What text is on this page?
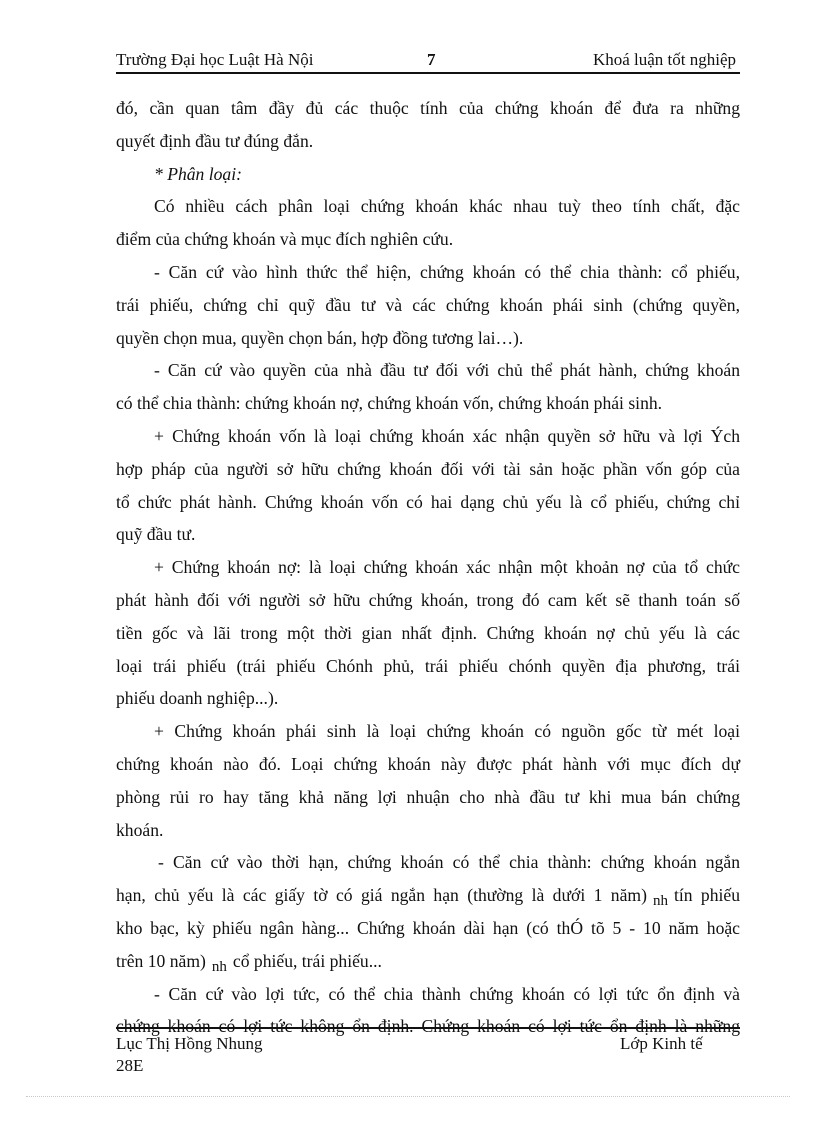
Trường Đại học Luật Hà Nội	7	Khoá luận tốt nghiệp
đó, cần quan tâm đầy đủ các thuộc tính của chứng khoán để đưa ra những
quyết định đầu tư đúng đắn.
* Phân loại:
Có nhiều cách phân loại chứng khoán khác nhau tuỳ theo tính chất, đặc
điểm của chứng khoán và mục đích nghiên cứu.
- Căn cứ vào hình thức thể hiện, chứng khoán có thể chia thành: cổ phiếu,
trái phiếu, chứng chỉ quỹ đầu tư và các chứng khoán phái sinh (chứng quyền,
quyền chọn mua, quyền chọn bán, hợp đồng tương lai…).
- Căn cứ vào quyền của nhà đầu tư đối với chủ thể phát hành, chứng khoán
có thể chia thành: chứng khoán nợ, chứng khoán vốn, chứng khoán phái sinh.
+ Chứng khoán vốn là loại chứng khoán xác nhận quyền sở hữu và lợi Ých
hợp pháp của người sở hữu chứng khoán đối với tài sản hoặc phần vốn góp của
tổ chức phát hành. Chứng khoán vốn có hai dạng chủ yếu là cổ phiếu, chứng chỉ
quỹ đầu tư.
+ Chứng khoán nợ: là loại chứng khoán xác nhận một khoản nợ của tổ chức
phát hành đối với người sở hữu chứng khoán, trong đó cam kết sẽ thanh toán số
tiền gốc và lãi trong một thời gian nhất định. Chứng khoán nợ chủ yếu là các
loại trái phiếu (trái phiếu Chónh phủ, trái phiếu chónh quyền địa phương, trái
phiếu doanh nghiệp...).
+ Chứng khoán phái sinh là loại chứng khoán có nguồn gốc từ mét loại
chứng khoán nào đó. Loại chứng khoán này được phát hành với mục đích dự
phòng rủi ro hay tăng khả năng lợi nhuận cho nhà đầu tư khi mua bán chứng
khoán.
- Căn cứ vào thời hạn, chứng khoán có thể chia thành: chứng khoán ngắn
hạn, chủ yếu là các giấy tờ có giá ngắn hạn (thường là dưới 1 năm) nh tín phiếu
kho bạc, kỳ phiếu ngân hàng... Chứng khoán dài hạn (có thÓ tõ 5 - 10 năm hoặc
trên 10 năm) nh cổ phiếu, trái phiếu...
- Căn cứ vào lợi tức, có thể chia thành chứng khoán có lợi tức ổn định và
chứng khoán có lợi tức không ổn định. Chứng khoán có lợi tức ổn định là những
Lục Thị Hồng Nhung	Lớp Kinh tế
28E
